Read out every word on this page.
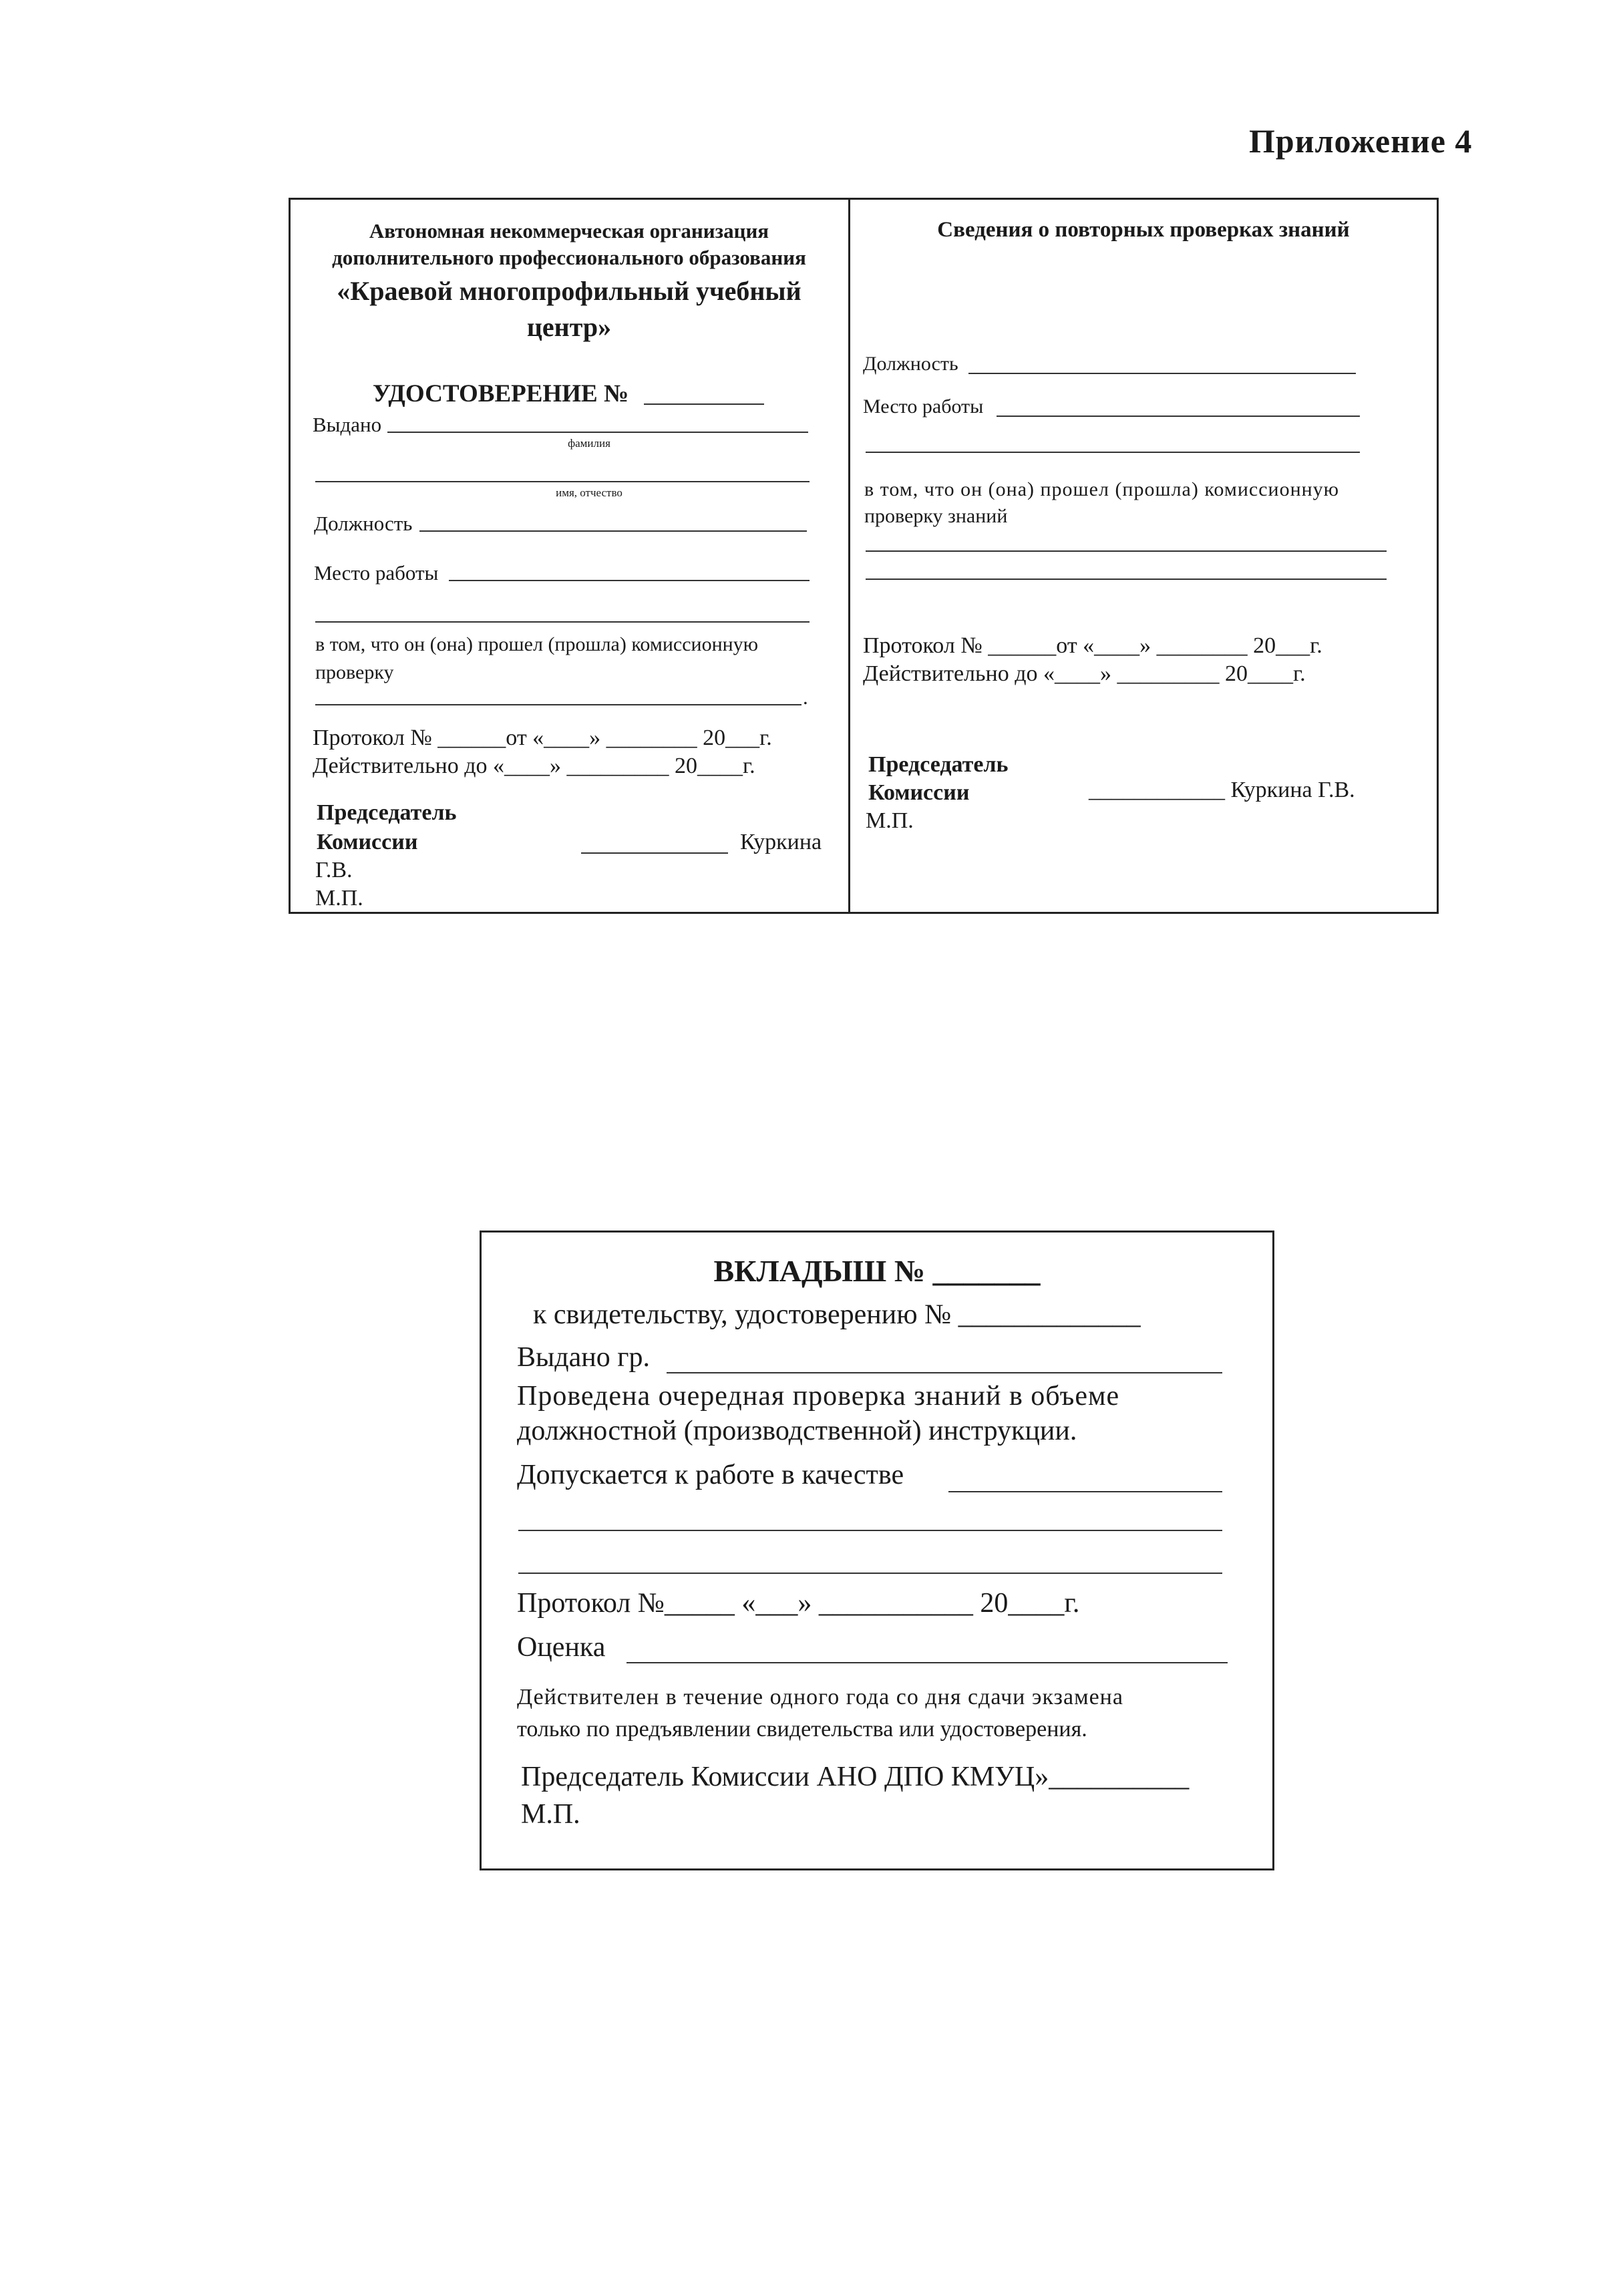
Приложение 4
Автономная некоммерческая организация
дополнительного профессионального образования
«Краевой многопрофильный учебный
центр»
УДОСТОВЕРЕНИЕ №
Выдано
фамилия
имя, отчество
Должность
Место работы
в том, что он (она) прошел (прошла) комиссионную
проверку
.
Протокол № ______от «____» ________ 20___г.
Действительно до «____» _________ 20____г.
Председатель
Комиссии	Куркина
Г.В.
М.П.
Сведения о повторных проверках знаний
Должность
Место работы
в том, что он (она) прошел (прошла) комиссионную
проверку знаний
Протокол № ______от «____» ________ 20___г.
Действительно до «____» _________ 20____г.
Председатель
Комиссии	____________ Куркина Г.В.
М.П.
ВКЛАДЫШ № _______
к свидетельству, удостоверению № _____________
Выдано гр.
Проведена очередная проверка знаний в объеме
должностной (производственной) инструкции.
Допускается к работе в качестве
Протокол №_____ «___» ___________ 20____г.
Оценка
Действителен в течение одного года со дня сдачи экзамена
только по предъявлении свидетельства или удостоверения.
Председатель Комиссии АНО ДПО КМУЦ»__________
М.П.
